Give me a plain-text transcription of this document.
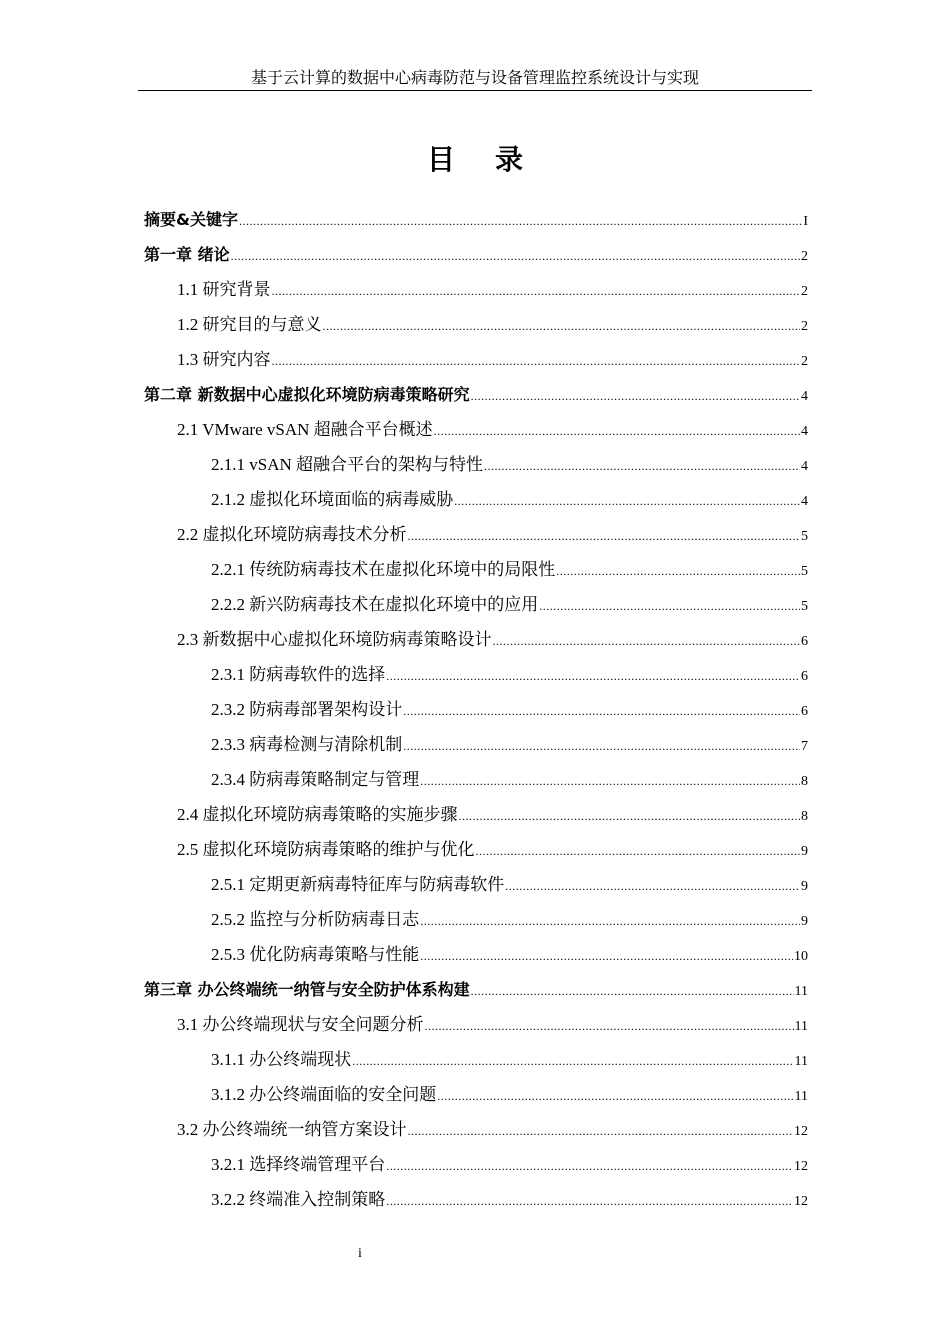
基于云计算的数据中心病毒防范与设备管理监控系统设计与实现
目 录
摘要&关键字 .....	I
第一章 绪论 .....	2
1.1 研究背景 .....	2
1.2 研究目的与意义 .....	2
1.3 研究内容 .....	2
第二章 新数据中心虚拟化环境防病毒策略研究 .....	4
2.1 VMware vSAN 超融合平台概述 .....	4
2.1.1 vSAN 超融合平台的架构与特性 .....	4
2.1.2 虚拟化环境面临的病毒威胁 .....	4
2.2 虚拟化环境防病毒技术分析 .....	5
2.2.1 传统防病毒技术在虚拟化环境中的局限性 .....	5
2.2.2 新兴防病毒技术在虚拟化环境中的应用 .....	5
2.3 新数据中心虚拟化环境防病毒策略设计 .....	6
2.3.1 防病毒软件的选择 .....	6
2.3.2 防病毒部署架构设计 .....	6
2.3.3 病毒检测与清除机制 .....	7
2.3.4 防病毒策略制定与管理 .....	8
2.4 虚拟化环境防病毒策略的实施步骤 .....	8
2.5 虚拟化环境防病毒策略的维护与优化 .....	9
2.5.1 定期更新病毒特征库与防病毒软件 .....	9
2.5.2 监控与分析防病毒日志 .....	9
2.5.3 优化防病毒策略与性能 .....	10
第三章 办公终端统一纳管与安全防护体系构建 .....	11
3.1 办公终端现状与安全问题分析 .....	11
3.1.1 办公终端现状 .....	11
3.1.2 办公终端面临的安全问题 .....	11
3.2 办公终端统一纳管方案设计 .....	12
3.2.1 选择终端管理平台 .....	12
3.2.2 终端准入控制策略 .....	12
i
